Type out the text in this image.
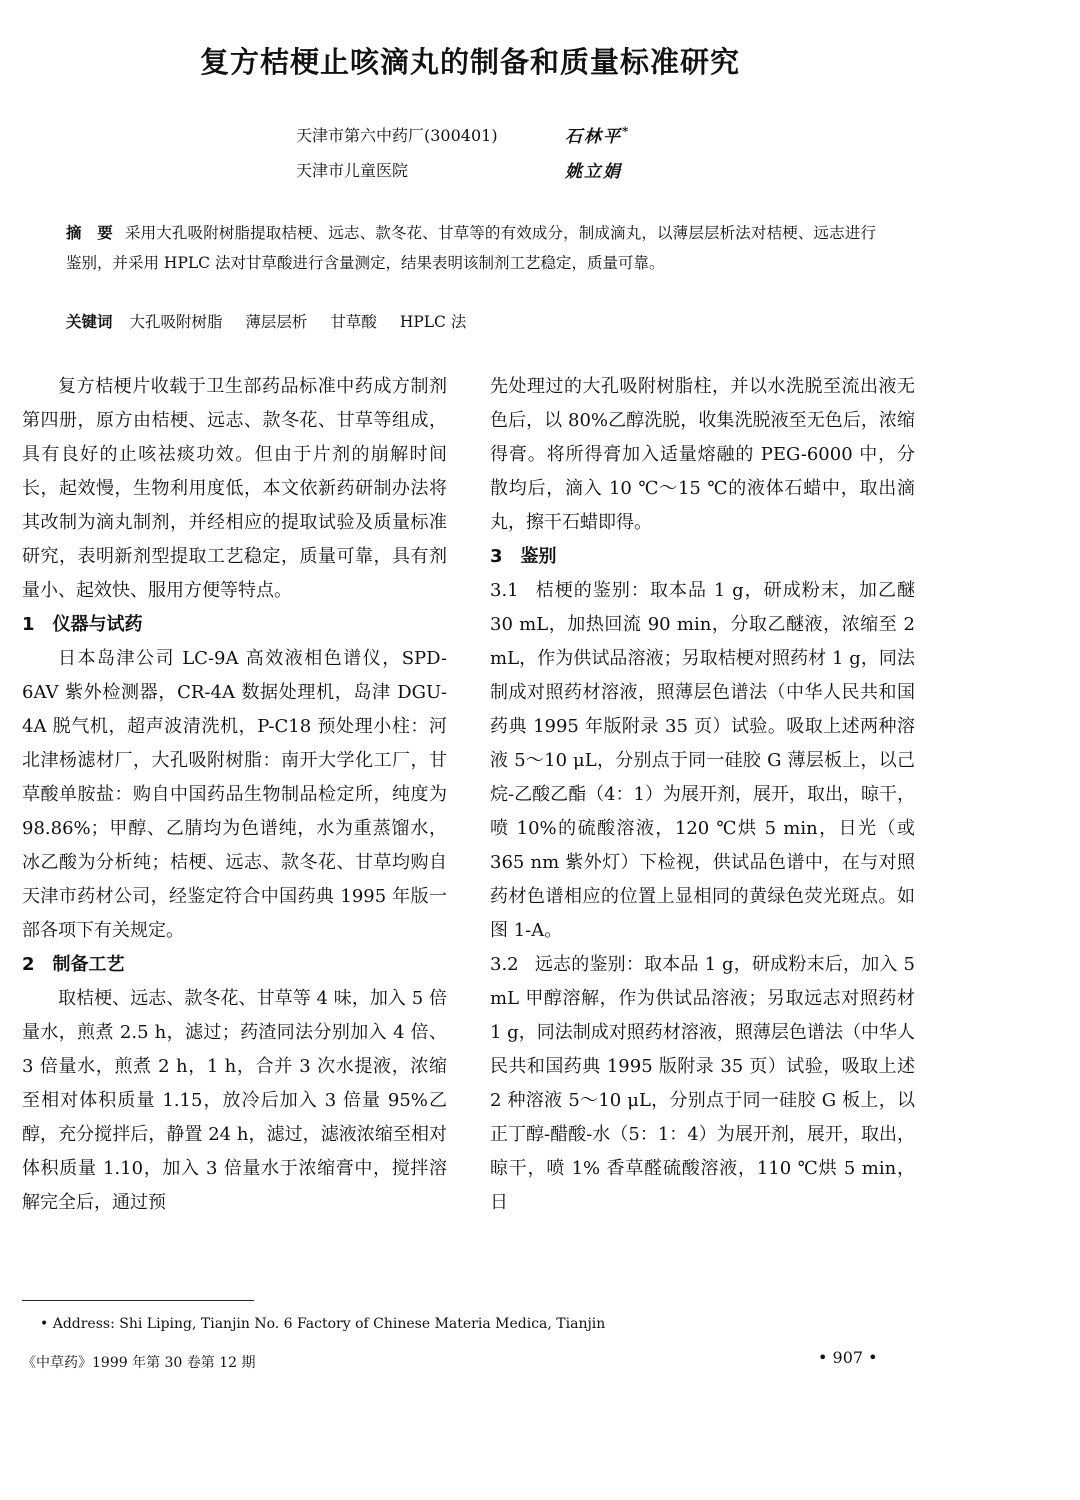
复方桔梗止咳滴丸的制备和质量标准研究
天津市第六中药厂(300401)	石林平*
天津市儿童医院	姚立娟
摘　要 采用大孔吸附树脂提取桔梗、远志、款冬花、甘草等的有效成分，制成滴丸，以薄层层析法对桔梗、远志进行鉴别，并采用 HPLC 法对甘草酸进行含量测定，结果表明该制剂工艺稳定，质量可靠。
关键词 大孔吸附树脂 薄层层析 甘草酸 HPLC 法

复方桔梗片收载于卫生部药品标准中药成方制剂第四册，原方由桔梗、远志、款冬花、甘草等组成，具有良好的止咳祛痰功效。但由于片剂的崩解时间长，起效慢，生物利用度低，本文依新药研制办法将其改制为滴丸制剂，并经相应的提取试验及质量标准研究，表明新剂型提取工艺稳定，质量可靠，具有剂量小、起效快、服用方便等特点。

1 仪器与试药

日本岛津公司 LC-9A 高效液相色谱仪，SPD-6AV 紫外检测器，CR-4A 数据处理机，岛津 DGU-4A 脱气机，超声波清洗机，P-C18 预处理小柱：河北津杨滤材厂，大孔吸附树脂：南开大学化工厂，甘草酸单胺盐：购自中国药品生物制品检定所，纯度为 98.86%；甲醇、乙腈均为色谱纯，水为重蒸馏水，冰乙酸为分析纯；桔梗、远志、款冬花、甘草均购自天津市药材公司，经鉴定符合中国药典 1995 年版一部各项下有关规定。

2 制备工艺

取桔梗、远志、款冬花、甘草等 4 味，加入 5 倍量水，煎煮 2.5 h，滤过；药渣同法分别加入 4 倍、3 倍量水，煎煮 2 h，1 h，合并 3 次水提液，浓缩至相对体积质量 1.15，放冷后加入 3 倍量 95%乙醇，充分搅拌后，静置 24 h，滤过，滤液浓缩至相对体积质量 1.10，加入 3 倍量水于浓缩膏中，搅拌溶解完全后，通过预

先处理过的大孔吸附树脂柱，并以水洗脱至流出液无色后，以 80%乙醇洗脱，收集洗脱液至无色后，浓缩得膏。将所得膏加入适量熔融的 PEG-6000 中，分散均后，滴入 10 ℃～15 ℃的液体石蜡中，取出滴丸，擦干石蜡即得。

3 鉴别

3.1 桔梗的鉴别：取本品 1 g，研成粉末，加乙醚 30 mL，加热回流 90 min，分取乙醚液，浓缩至 2 mL，作为供试品溶液；另取桔梗对照药材 1 g，同法制成对照药材溶液，照薄层色谱法（中华人民共和国药典 1995 年版附录 35 页）试验。吸取上述两种溶液 5～10 μL，分别点于同一硅胶 G 薄层板上，以己烷-乙酸乙酯（4：1）为展开剂，展开，取出，晾干，喷 10%的硫酸溶液，120 ℃烘 5 min，日光（或 365 nm 紫外灯）下检视，供试品色谱中，在与对照药材色谱相应的位置上显相同的黄绿色荧光斑点。如图 1-A。

3.2 远志的鉴别：取本品 1 g，研成粉末后，加入 5 mL 甲醇溶解，作为供试品溶液；另取远志对照药材 1 g，同法制成对照药材溶液，照薄层色谱法（中华人民共和国药典 1995 版附录 35 页）试验，吸取上述 2 种溶液 5～10 μL，分别点于同一硅胶 G 板上，以正丁醇-醋酸-水（5：1：4）为展开剂，展开，取出，晾干，喷 1% 香草醛硫酸溶液，110 ℃烘 5 min，日

• Address: Shi Liping, Tianjin No. 6 Factory of Chinese Materia Medica, Tianjin
《中草药》1999 年第 30 卷第 12 期	• 907 •
